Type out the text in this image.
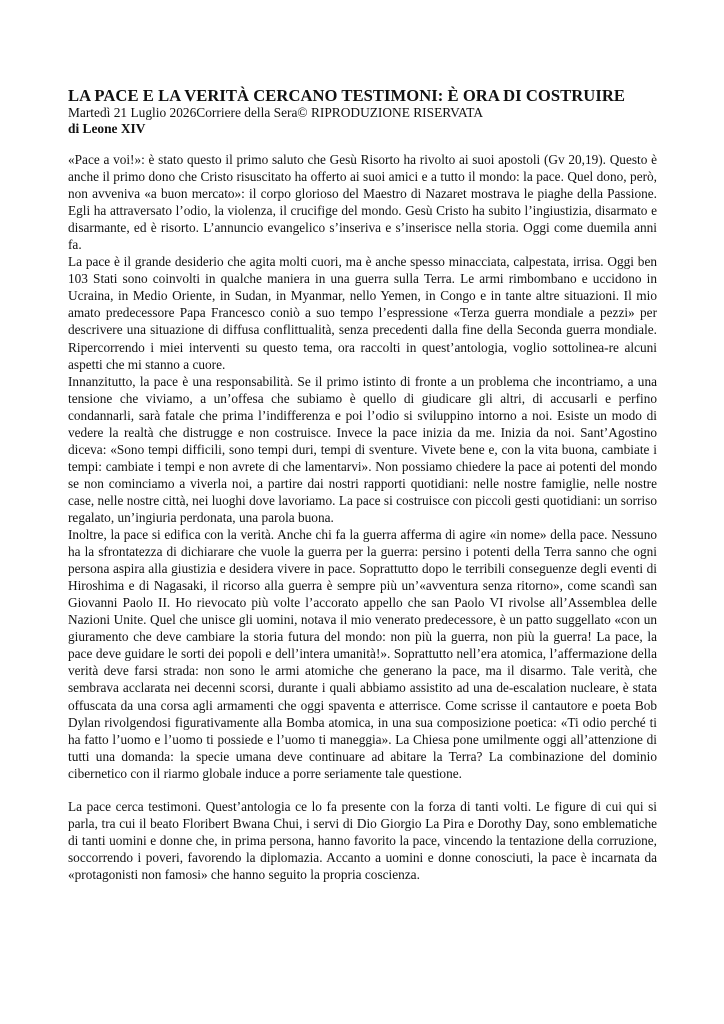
LA PACE E LA VERITÀ CERCANO TESTIMONI: È ORA DI COSTRUIRE

Martedì 21 Luglio 2026Corriere della Sera© RIPRODUZIONE RISERVATA

di Leone XIV

«Pace a voi!»: è stato questo il primo saluto che Gesù Risorto ha rivolto ai suoi apostoli (Gv 20,19). Questo è anche il primo dono che Cristo risuscitato ha offerto ai suoi amici e a tutto il mondo: la pace. Quel dono, però, non avveniva «a buon mercato»: il corpo glorioso del Maestro di Nazaret mostrava le piaghe della Passione. Egli ha attraversato l’odio, la violenza, il crucifige del mondo. Gesù Cristo ha subito l’ingiustizia, disarmato e disarmante, ed è risorto. L’annuncio evangelico s’inseriva e s’inserisce nella storia. Oggi come duemila anni fa.

La pace è il grande desiderio che agita molti cuori, ma è anche spesso minacciata, calpestata, irrisa. Oggi ben 103 Stati sono coinvolti in qualche maniera in una guerra sulla Terra. Le armi rimbombano e uccidono in Ucraina, in Medio Oriente, in Sudan, in Myanmar, nello Yemen, in Congo e in tante altre situazioni. Il mio amato predecessore Papa Francesco coniò a suo tempo l’espressione «Terza guerra mondiale a pezzi» per descrivere una situazione di diffusa conflittualità, senza precedenti dalla fine della Seconda guerra mondiale. Ripercorrendo i miei interventi su questo tema, ora raccolti in quest’antologia, voglio sottolinea-re alcuni aspetti che mi stanno a cuore.

Innanzitutto, la pace è una responsabilità. Se il primo istinto di fronte a un problema che incontriamo, a una tensione che viviamo, a un’offesa che subiamo è quello di giudicare gli altri, di accusarli e perfino condannarli, sarà fatale che prima l’indifferenza e poi l’odio si sviluppino intorno a noi. Esiste un modo di vedere la realtà che distrugge e non costruisce. Invece la pace inizia da me. Inizia da noi. Sant’Agostino diceva: «Sono tempi difficili, sono tempi duri, tempi di sventure. Vivete bene e, con la vita buona, cambiate i tempi: cambiate i tempi e non avrete di che lamentarvi». Non possiamo chiedere la pace ai potenti del mondo se non cominciamo a viverla noi, a partire dai nostri rapporti quotidiani: nelle nostre famiglie, nelle nostre case, nelle nostre città, nei luoghi dove lavoriamo. La pace si costruisce con piccoli gesti quotidiani: un sorriso regalato, un’ingiuria perdonata, una parola buona.

Inoltre, la pace si edifica con la verità. Anche chi fa la guerra afferma di agire «in nome» della pace. Nessuno ha la sfrontatezza di dichiarare che vuole la guerra per la guerra: persino i potenti della Terra sanno che ogni persona aspira alla giustizia e desidera vivere in pace. Soprattutto dopo le terribili conseguenze degli eventi di Hiroshima e di Nagasaki, il ricorso alla guerra è sempre più un’«avventura senza ritorno», come scandì san Giovanni Paolo II. Ho rievocato più volte l’accorato appello che san Paolo VI rivolse all’Assemblea delle Nazioni Unite. Quel che unisce gli uomini, notava il mio venerato predecessore, è un patto suggellato «con un giuramento che deve cambiare la storia futura del mondo: non più la guerra, non più la guerra! La pace, la pace deve guidare le sorti dei popoli e dell’intera umanità!». Soprattutto nell’era atomica, l’affermazione della verità deve farsi strada: non sono le armi atomiche che generano la pace, ma il disarmo. Tale verità, che sembrava acclarata nei decenni scorsi, durante i quali abbiamo assistito ad una de-escalation nucleare, è stata offuscata da una corsa agli armamenti che oggi spaventa e atterrisce. Come scrisse il cantautore e poeta Bob Dylan rivolgendosi figurativamente alla Bomba atomica, in una sua composizione poetica: «Ti odio perché ti ha fatto l’uomo e l’uomo ti possiede e l’uomo ti maneggia». La Chiesa pone umilmente oggi all’attenzione di tutti una domanda: la specie umana deve continuare ad abitare la Terra? La combinazione del dominio cibernetico con il riarmo globale induce a porre seriamente tale questione.

La pace cerca testimoni. Quest’antologia ce lo fa presente con la forza di tanti volti. Le figure di cui qui si parla, tra cui il beato Floribert Bwana Chui, i servi di Dio Giorgio La Pira e Dorothy Day, sono emblematiche di tanti uomini e donne che, in prima persona, hanno favorito la pace, vincendo la tentazione della corruzione, soccorrendo i poveri, favorendo la diplomazia. Accanto a uomini e donne conosciuti, la pace è incarnata da «protagonisti non famosi» che hanno seguito la propria coscienza.
